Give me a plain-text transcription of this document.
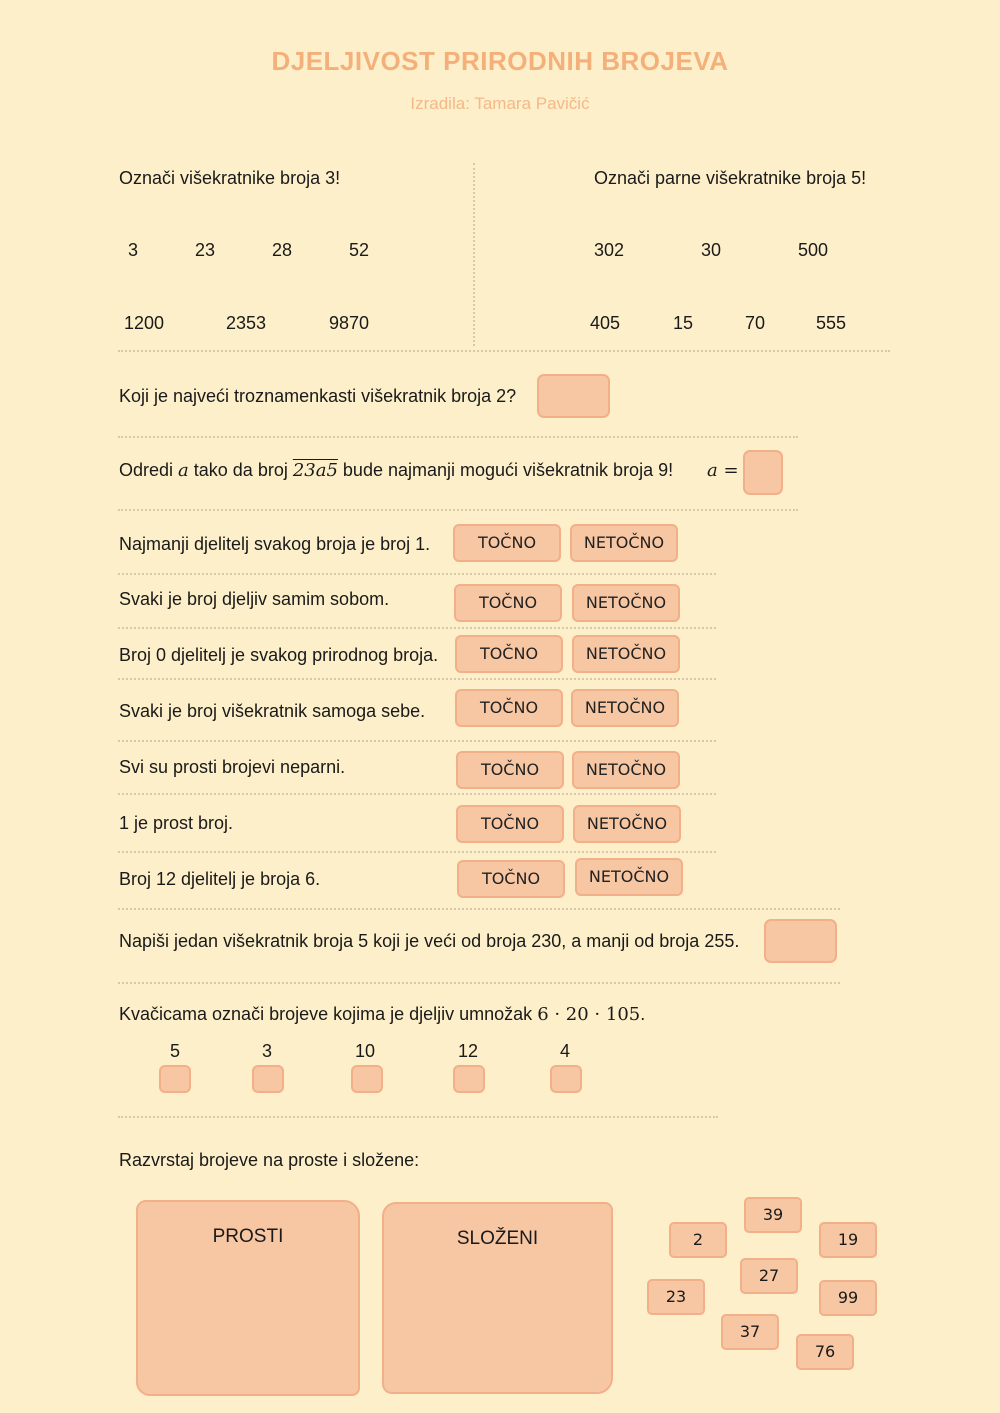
DJELJIVOST PRIRODNIH BROJEVA
Izradila: Tamara Pavičić
Označi višekratnike broja 3!
3	23	28	52
1200	2353	9870
Označi parne višekratnike broja 5!
302	30	500
405	15	70	555
Koji je najveći troznamenkasti višekratnik broja 2?
Odredi a tako da broj 23a5 bude najmanji mogući višekratnik broja 9! a =
Najmanji djelitelj svakog broja je broj 1.	TOČNO	NETOČNO
Svaki je broj djeljiv samim sobom.	TOČNO	NETOČNO
Broj 0 djelitelj je svakog prirodnog broja.	TOČNO	NETOČNO
Svaki je broj višekratnik samoga sebe.	TOČNO	NETOČNO
Svi su prosti brojevi neparni.	TOČNO	NETOČNO
1 je prost broj.	TOČNO	NETOČNO
Broj 12 djelitelj je broja 6.	TOČNO	NETOČNO
Napiši jedan višekratnik broja 5 koji je veći od broja 230, a manji od broja 255.
Kvačicama označi brojeve kojima je djeljiv umnožak 6 · 20 · 105.
5	3	10	12	4
Razvrstaj brojeve na proste i složene:
PROSTI	SLOŽENI
39
2	19
27
23	99
37
76
